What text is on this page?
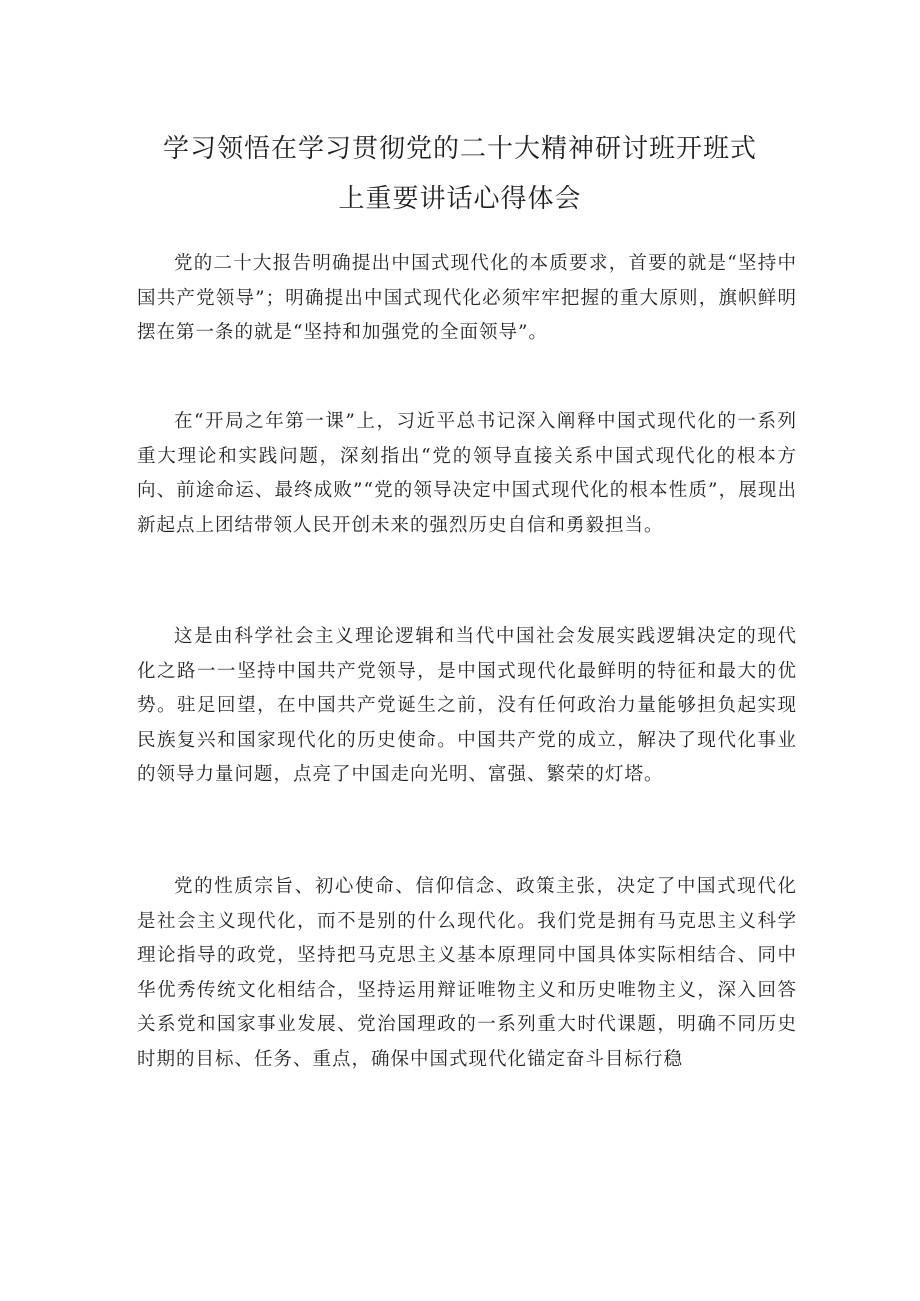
学习领悟在学习贯彻党的二十大精神研讨班开班式
上重要讲话心得体会

党的二十大报告明确提出中国式现代化的本质要求，首要的就是“坚持中国共产党领导”；明确提出中国式现代化必须牢牢把握的重大原则，旗帜鲜明摆在第一条的就是“坚持和加强党的全面领导”。

在“开局之年第一课”上，习近平总书记深入阐释中国式现代化的一系列重大理论和实践问题，深刻指出“党的领导直接关系中国式现代化的根本方向、前途命运、最终成败”“党的领导决定中国式现代化的根本性质”，展现出新起点上团结带领人民开创未来的强烈历史自信和勇毅担当。

这是由科学社会主义理论逻辑和当代中国社会发展实践逻辑决定的现代化之路一一坚持中国共产党领导，是中国式现代化最鲜明的特征和最大的优势。驻足回望，在中国共产党诞生之前，没有任何政治力量能够担负起实现民族复兴和国家现代化的历史使命。中国共产党的成立，解决了现代化事业的领导力量问题，点亮了中国走向光明、富强、繁荣的灯塔。

党的性质宗旨、初心使命、信仰信念、政策主张，决定了中国式现代化是社会主义现代化，而不是别的什么现代化。我们党是拥有马克思主义科学理论指导的政党，坚持把马克思主义基本原理同中国具体实际相结合、同中华优秀传统文化相结合，坚持运用辩证唯物主义和历史唯物主义，深入回答关系党和国家事业发展、党治国理政的一系列重大时代课题，明确不同历史时期的目标、任务、重点，确保中国式现代化锚定奋斗目标行稳
